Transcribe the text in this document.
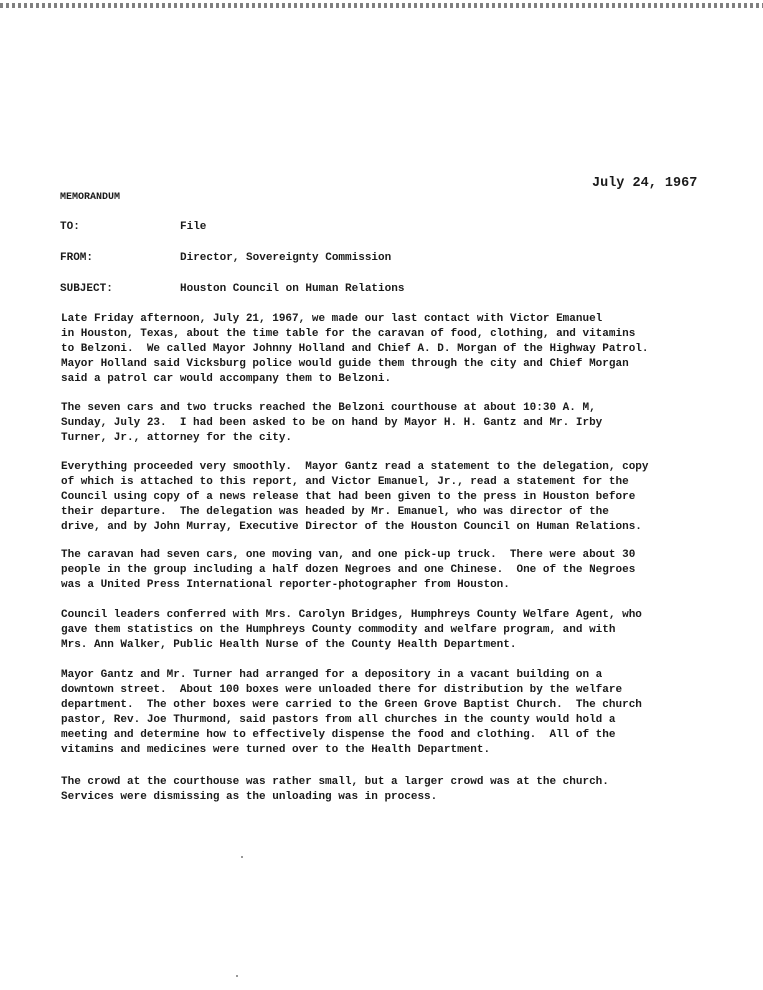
July 24, 1967
MEMORANDUM
TO:	File
FROM:	Director, Sovereignty Commission
SUBJECT:	Houston Council on Human Relations

Late Friday afternoon, July 21, 1967, we made our last contact with Victor Emanuel
in Houston, Texas, about the time table for the caravan of food, clothing, and vitamins
to Belzoni.  We called Mayor Johnny Holland and Chief A. D. Morgan of the Highway Patrol.
Mayor Holland said Vicksburg police would guide them through the city and Chief Morgan
said a patrol car would accompany them to Belzoni.

The seven cars and two trucks reached the Belzoni courthouse at about 10:30 A. M,
Sunday, July 23.  I had been asked to be on hand by Mayor H. H. Gantz and Mr. Irby
Turner, Jr., attorney for the city.

Everything proceeded very smoothly.  Mayor Gantz read a statement to the delegation, copy
of which is attached to this report, and Victor Emanuel, Jr., read a statement for the
Council using copy of a news release that had been given to the press in Houston before
their departure.  The delegation was headed by Mr. Emanuel, who was director of the
drive, and by John Murray, Executive Director of the Houston Council on Human Relations.

The caravan had seven cars, one moving van, and one pick-up truck.  There were about 30
people in the group including a half dozen Negroes and one Chinese.  One of the Negroes
was a United Press International reporter-photographer from Houston.

Council leaders conferred with Mrs. Carolyn Bridges, Humphreys County Welfare Agent, who
gave them statistics on the Humphreys County commodity and welfare program, and with
Mrs. Ann Walker, Public Health Nurse of the County Health Department.

Mayor Gantz and Mr. Turner had arranged for a depository in a vacant building on a
downtown street.  About 100 boxes were unloaded there for distribution by the welfare
department.  The other boxes were carried to the Green Grove Baptist Church.  The church
pastor, Rev. Joe Thurmond, said pastors from all churches in the county would hold a
meeting and determine how to effectively dispense the food and clothing.  All of the
vitamins and medicines were turned over to the Health Department.

The crowd at the courthouse was rather small, but a larger crowd was at the church.
Services were dismissing as the unloading was in process.
